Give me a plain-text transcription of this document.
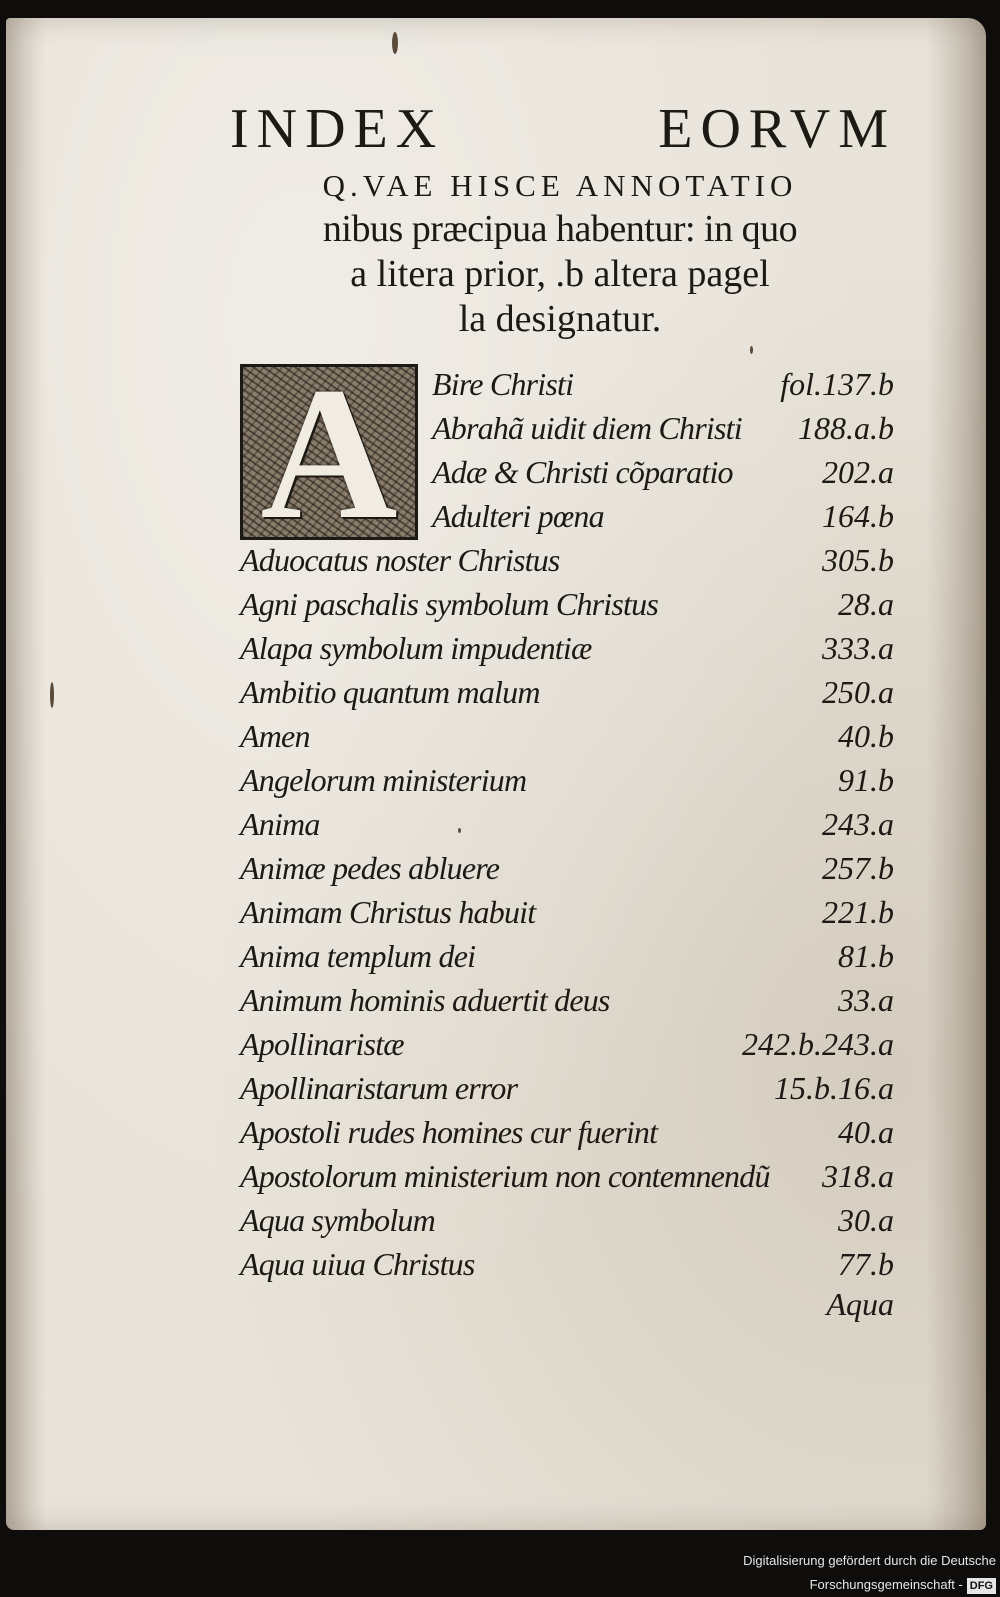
INDEX	EORVM
Q.VAE HISCE ANNOTATIO
nibus præcipua habentur: in quo
a litera prior, .b altera pagel
la designatur.
A	Bire Christi	fol.137.b
Abrahã uidit diem Christi	188.a.b
Adæ & Christi cõparatio	202.a
Adulteri pœna	164.b
Aduocatus noster Christus	305.b
Agni paschalis symbolum Christus	28.a
Alapa symbolum impudentiæ	333.a
Ambitio quantum malum	250.a
Amen	40.b
Angelorum ministerium	91.b
Anima	243.a
Animæ pedes abluere	257.b
Animam Christus habuit	221.b
Anima templum dei	81.b
Animum hominis aduertit deus	33.a
Apollinaristæ	242.b.243.a
Apollinaristarum error	15.b.16.a
Apostoli rudes homines cur fuerint	40.a
Apostolorum ministerium non contemnendũ	318.a
Aqua symbolum	30.a
Aqua uiua Christus	77.b
Aqua
Digitalisierung gefördert durch die Deutsche Forschungsgemeinschaft - DFG
